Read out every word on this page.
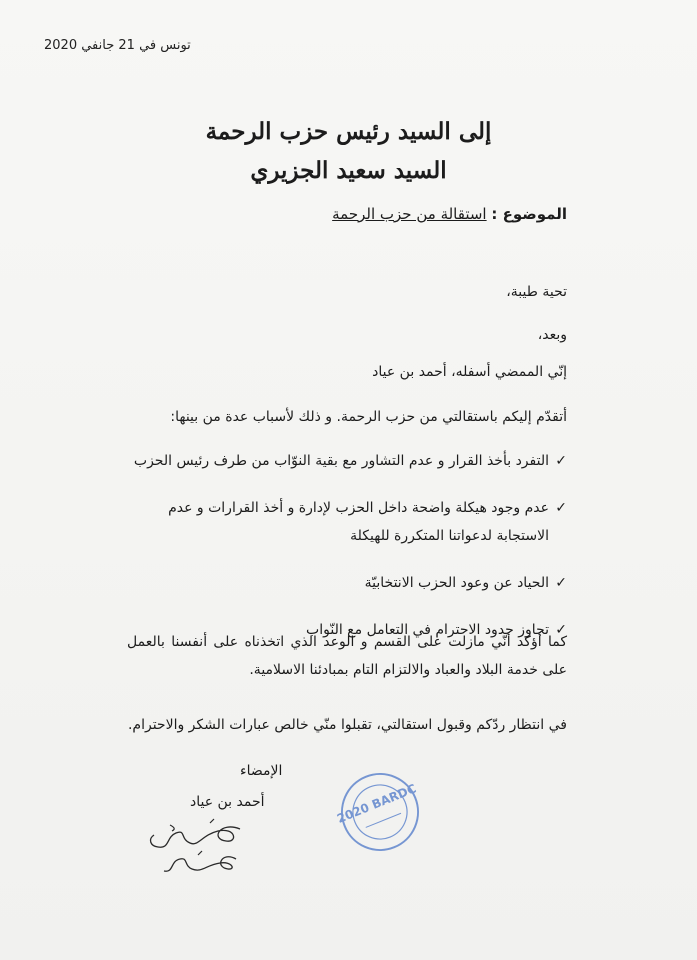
تونس في 21 جانفي 2020
إلى السيد رئيس حزب الرحمة
السيد سعيد الجزيري
الموضوع : استقالة من حزب الرحمة
تحية طيبة،
وبعد،
إنّي الممضي أسفله، أحمد بن عياد
أتقدّم إليكم باستقالتي من حزب الرحمة. و ذلك لأسباب عدة من بينها:
✓
التفرد بأخذ القرار و عدم التشاور مع بقية النوّاب من طرف رئيس الحزب
✓
عدم وجود هيكلة واضحة داخل الحزب لإدارة و أخذ القرارات و عدم الاستجابة لدعواتنا المتكررة للهيكلة
✓
الحياد عن وعود الحزب الانتخابيّة
✓
تجاوز حدود الاحترام في التعامل مع النّواب
كما أؤكد أنّي مازلت على القسم و الوعد الذي اتخذناه على أنفسنا بالعمل على خدمة البلاد والعباد والالتزام التام بمبادئنا الاسلامية.
في انتظار ردّكم وقبول استقالتي، تقبلوا منّي خالص عبارات الشكر والاحترام.
الإمضاء
أحمد بن عياد	2020 BARDC
